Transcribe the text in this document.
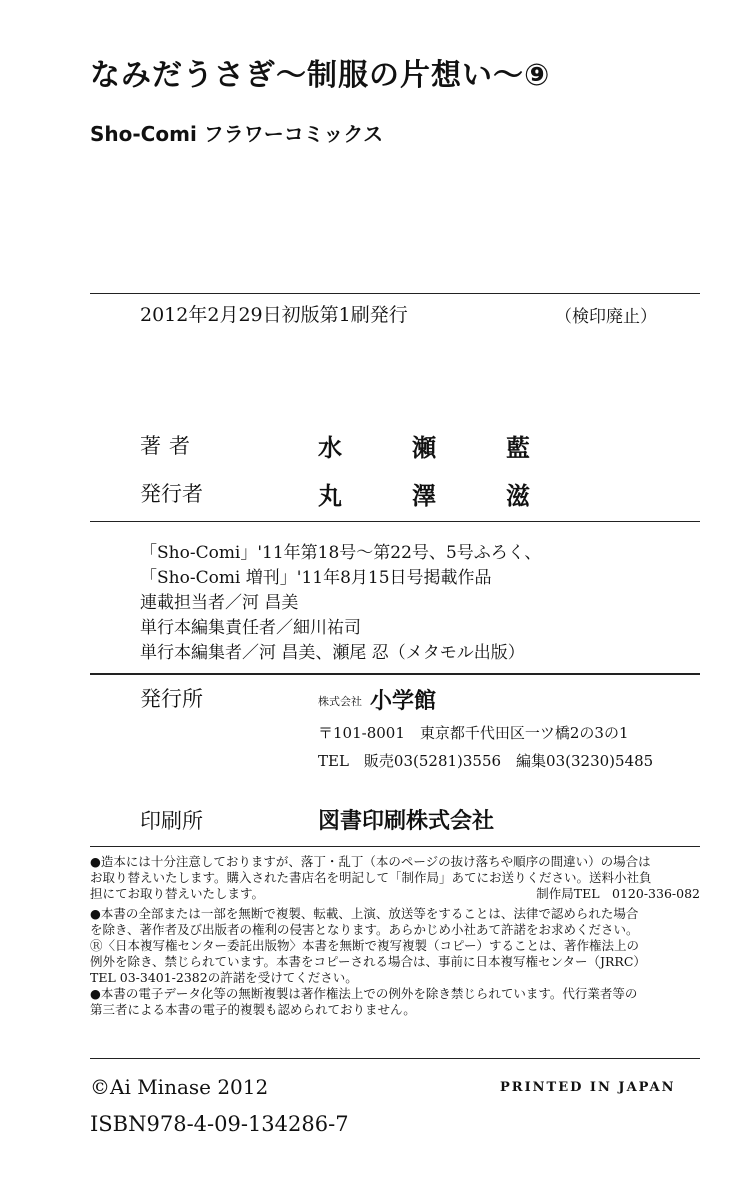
なみだうさぎ〜制服の片想い〜⑨
Sho-Comi フラワーコミックス
2012年2月29日初版第1刷発行	（検印廃止）
著者	水	瀬	藍
発行者	丸	澤	滋
「Sho-Comi」'11年第18号〜第22号、5号ふろく、
「Sho-Comi 増刊」'11年8月15日号掲載作品
連載担当者／河 昌美
単行本編集責任者／細川祐司
単行本編集者／河 昌美、瀬尾 忍（メタモル出版）
発行所	株式会社 小学館
〒101-8001　東京都千代田区一ツ橋2の3の1
TEL　販売03(5281)3556　編集03(3230)5485
印刷所	図書印刷株式会社
●造本には十分注意しておりますが、落丁・乱丁（本のページの抜け落ちや順序の間違い）の場合は
お取り替えいたします。購入された書店名を明記して「制作局」あてにお送りください。送料小社負
担にてお取り替えいたします。	制作局TEL　0120-336-082
●本書の全部または一部を無断で複製、転載、上演、放送等をすることは、法律で認められた場合
を除き、著作者及び出版者の権利の侵害となります。あらかじめ小社あて許諾をお求めください。
Ⓡ〈日本複写権センター委託出版物〉本書を無断で複写複製（コピー）することは、著作権法上の
例外を除き、禁じられています。本書をコピーされる場合は、事前に日本複写権センター（JRRC）
TEL 03-3401-2382の許諾を受けてください。
●本書の電子データ化等の無断複製は著作権法上での例外を除き禁じられています。代行業者等の
第三者による本書の電子的複製も認められておりません。
©Ai Minase 2012	PRINTED IN JAPAN
ISBN978-4-09-134286-7
